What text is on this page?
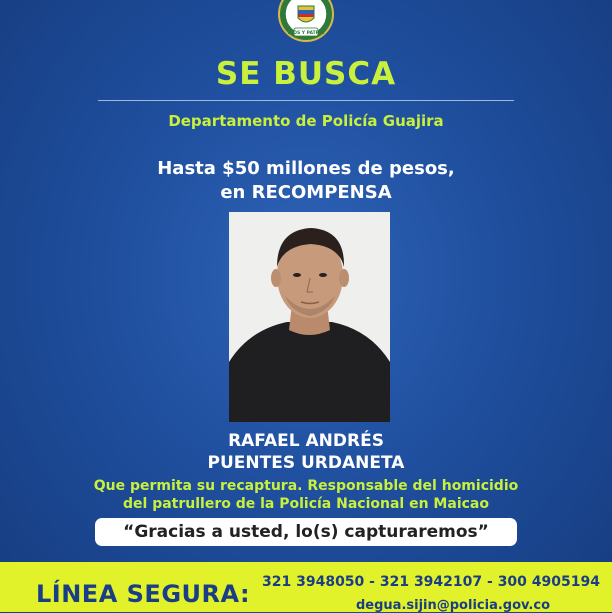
DIOS Y PATRIA
SE BUSCA
Departamento de Policía Guajira
Hasta $50 millones de pesos,
en RECOMPENSA
RAFAEL ANDRÉS
PUENTES URDANETA
Que permita su recaptura. Responsable del homicidio
del patrullero de la Policía Nacional en Maicao
“Gracias a usted, lo(s) capturaremos”
LÍNEA SEGURA: 321 3948050 - 321 3942107 - 300 4905194
degua.sijin@policia.gov.co
